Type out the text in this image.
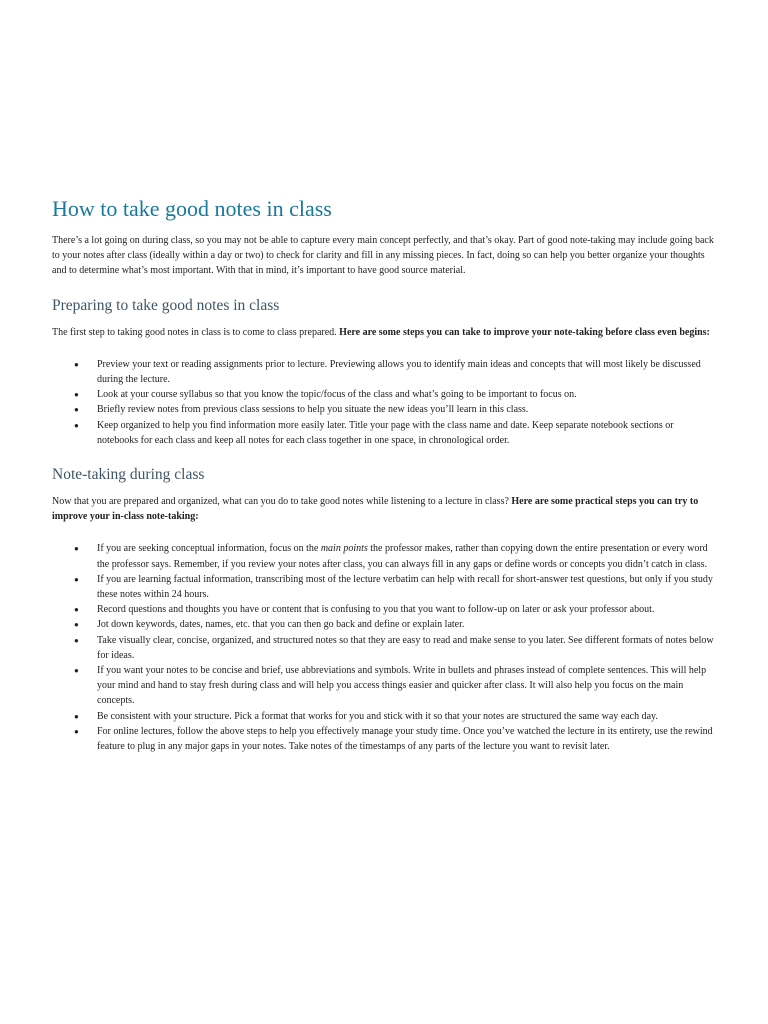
How to take good notes in class

There’s a lot going on during class, so you may not be able to capture every main concept perfectly, and that’s okay. Part of good note-taking may include going back to your notes after class (ideally within a day or two) to check for clarity and fill in any missing pieces. In fact, doing so can help you better organize your thoughts and to determine what’s most important. With that in mind, it’s important to have good source material.

Preparing to take good notes in class

The first step to taking good notes in class is to come to class prepared. Here are some steps you can take to improve your note-taking before class even begins:

● Preview your text or reading assignments prior to lecture. Previewing allows you to identify main ideas and concepts that will most likely be discussed during the lecture.
● Look at your course syllabus so that you know the topic/focus of the class and what’s going to be important to focus on.
● Briefly review notes from previous class sessions to help you situate the new ideas you’ll learn in this class.
● Keep organized to help you find information more easily later. Title your page with the class name and date. Keep separate notebook sections or notebooks for each class and keep all notes for each class together in one space, in chronological order.
Note-taking during class

Now that you are prepared and organized, what can you do to take good notes while listening to a lecture in class? Here are some practical steps you can try to improve your in-class note-taking:

● If you are seeking conceptual information, focus on the main points the professor makes, rather than copying down the entire presentation or every word the professor says. Remember, if you review your notes after class, you can always fill in any gaps or define words or concepts you didn’t catch in class.
● If you are learning factual information, transcribing most of the lecture verbatim can help with recall for short-answer test questions, but only if you study these notes within 24 hours.
● Record questions and thoughts you have or content that is confusing to you that you want to follow-up on later or ask your professor about.
● Jot down keywords, dates, names, etc. that you can then go back and define or explain later.
● Take visually clear, concise, organized, and structured notes so that they are easy to read and make sense to you later. See different formats of notes below for ideas.
● If you want your notes to be concise and brief, use abbreviations and symbols. Write in bullets and phrases instead of complete sentences. This will help your mind and hand to stay fresh during class and will help you access things easier and quicker after class. It will also help you focus on the main concepts.
● Be consistent with your structure. Pick a format that works for you and stick with it so that your notes are structured the same way each day.
● For online lectures, follow the above steps to help you effectively manage your study time. Once you’ve watched the lecture in its entirety, use the rewind feature to plug in any major gaps in your notes. Take notes of the timestamps of any parts of the lecture you want to revisit later.
